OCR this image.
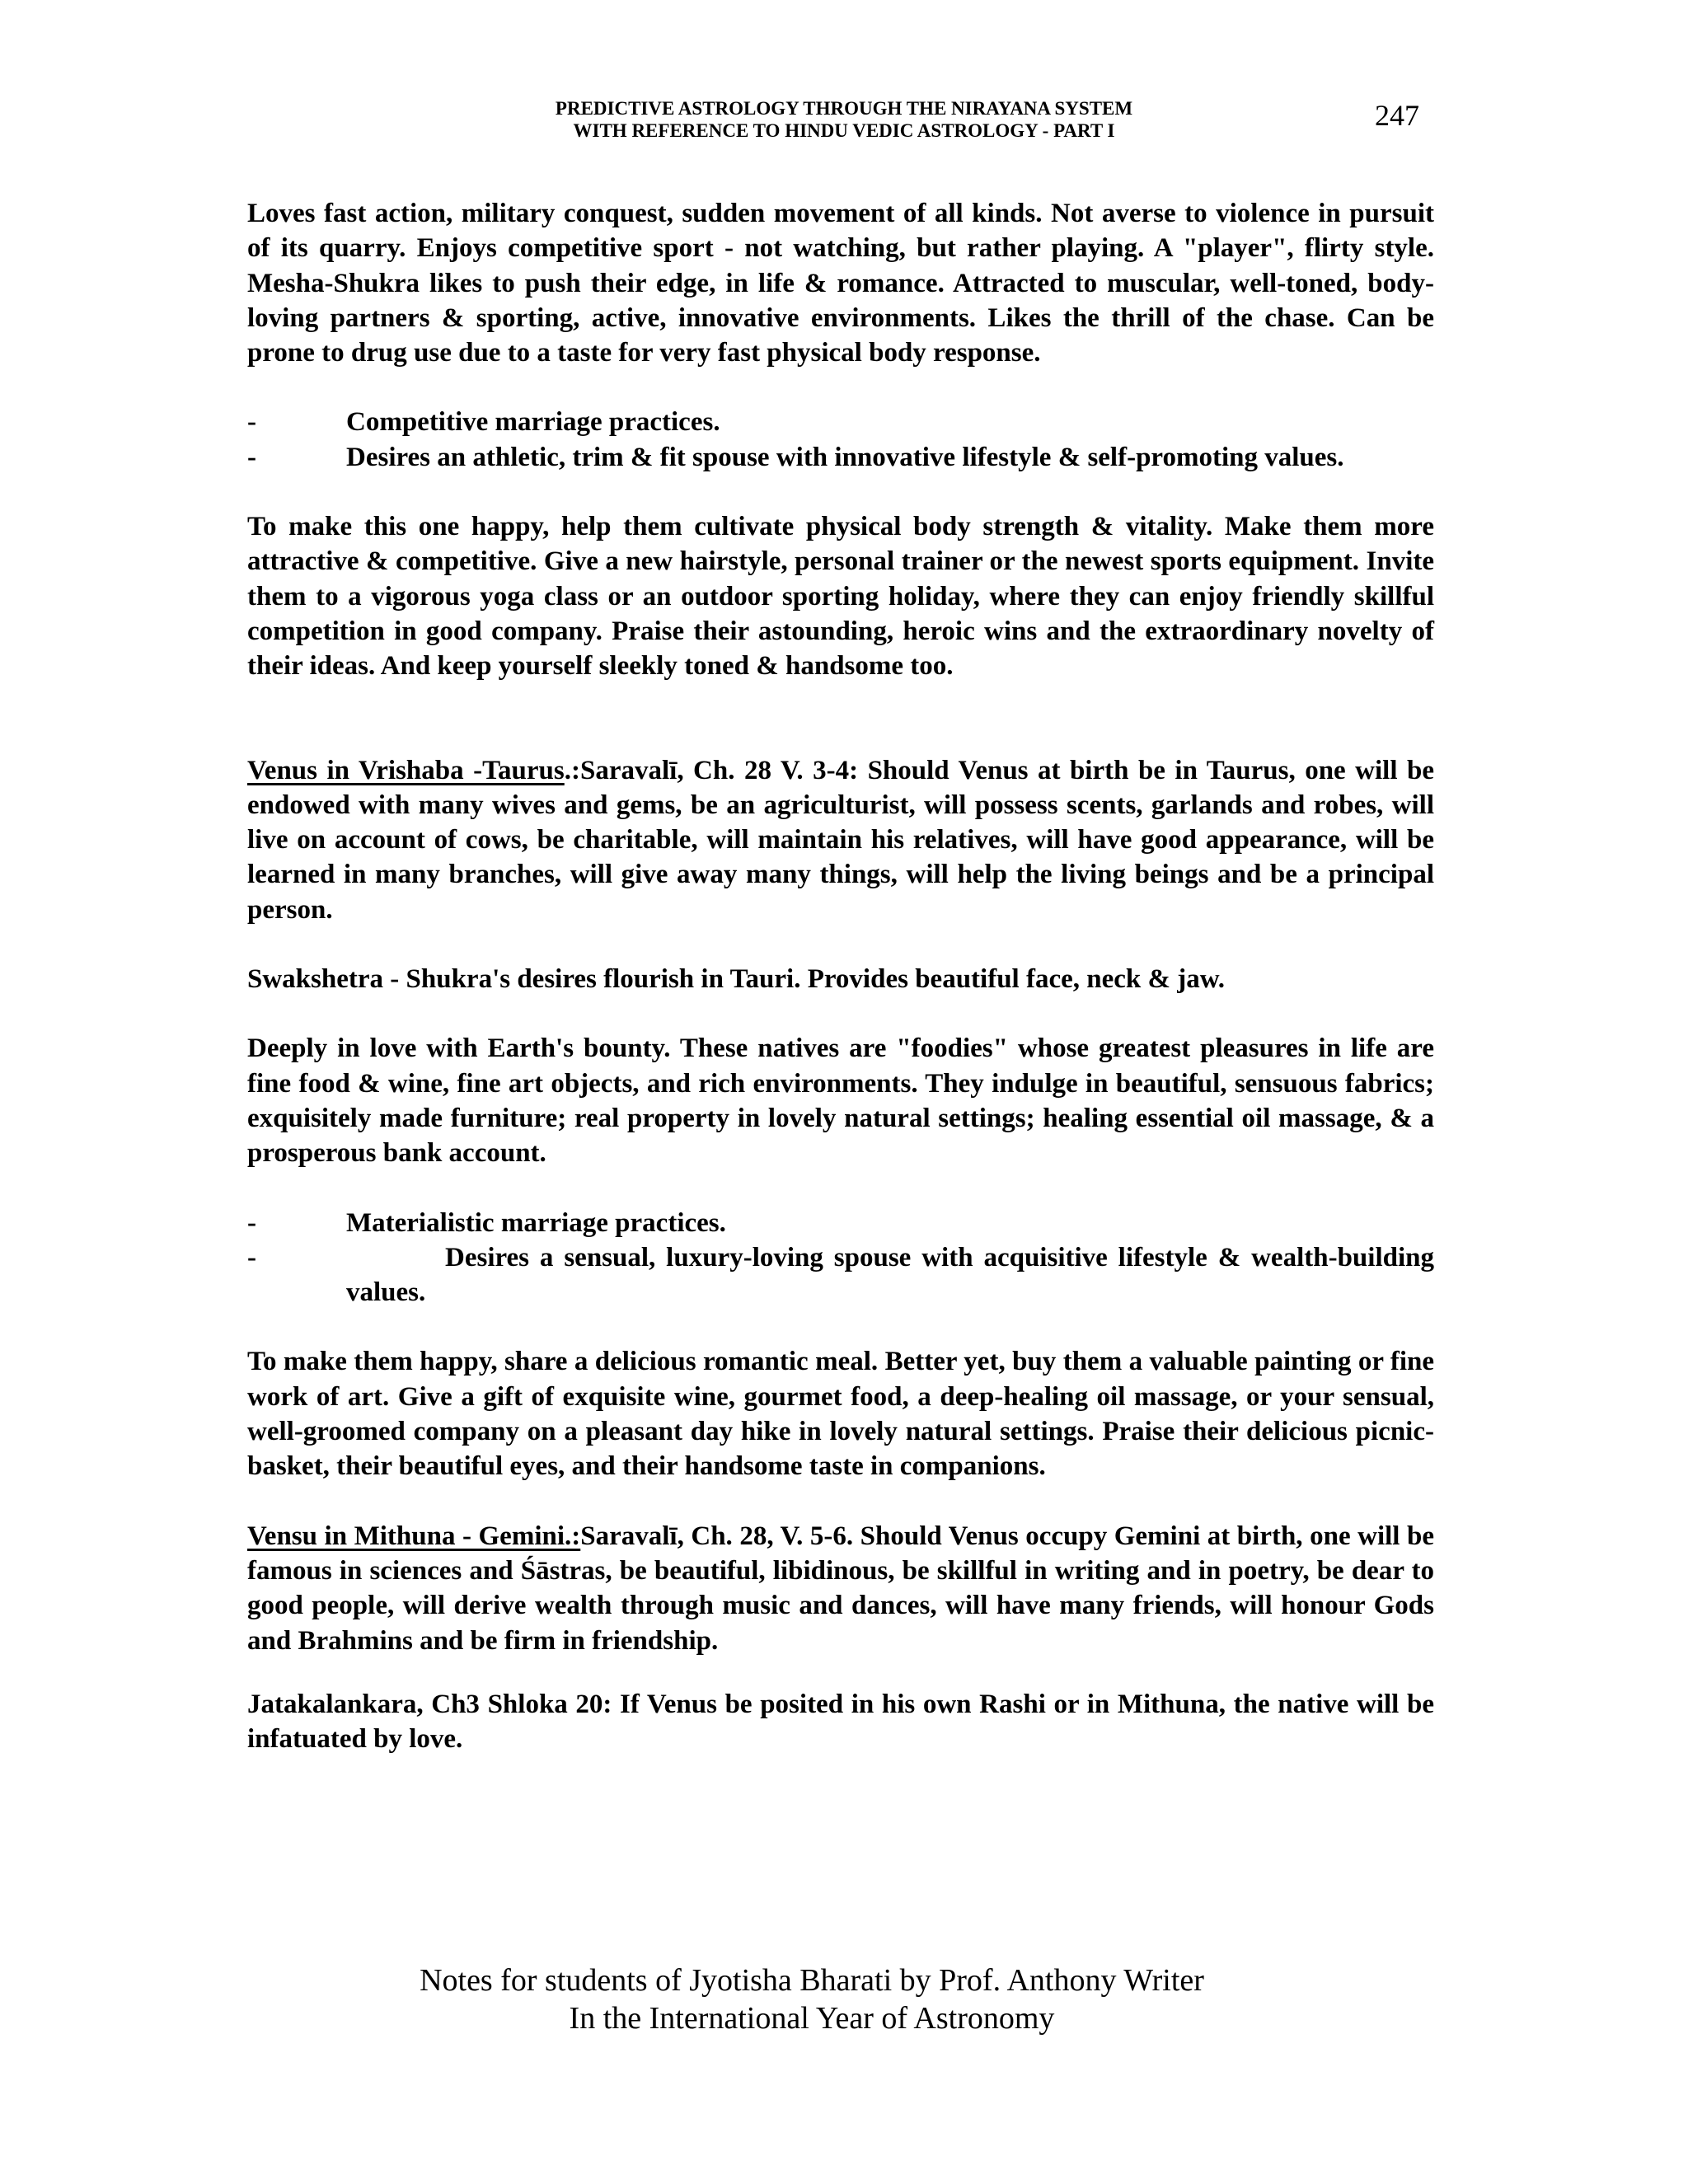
PREDICTIVE ASTROLOGY THROUGH THE NIRAYANA SYSTEM
WITH REFERENCE TO HINDU VEDIC ASTROLOGY - PART I	247

Loves fast action, military conquest, sudden movement of all kinds. Not averse to violence in pursuit of its quarry. Enjoys competitive sport - not watching, but rather playing. A "player", flirty style. Mesha-Shukra likes to push their edge, in life & romance. Attracted to muscular, well-toned, body-loving partners & sporting, active, innovative environments. Likes the thrill of the chase. Can be prone to drug use due to a taste for very fast physical body response.

-	Competitive marriage practices.
-	Desires an athletic, trim & fit spouse with innovative lifestyle & self-promoting values.

To make this one happy, help them cultivate physical body strength & vitality. Make them more attractive & competitive. Give a new hairstyle, personal trainer or the newest sports equipment. Invite them to a vigorous yoga class or an outdoor sporting holiday, where they can enjoy friendly skillful competition in good company. Praise their astounding, heroic wins and the extraordinary novelty of their ideas. And keep yourself sleekly toned & handsome too.

Venus in Vrishaba -Taurus.:Saravalī, Ch. 28 V. 3-4: Should Venus at birth be in Taurus, one will be endowed with many wives and gems, be an agriculturist, will possess scents, garlands and robes, will live on account of cows, be charitable, will maintain his relatives, will have good appearance, will be learned in many branches, will give away many things, will help the living beings and be a principal person.

Swakshetra - Shukra's desires flourish in Tauri. Provides beautiful face, neck & jaw.

Deeply in love with Earth's bounty. These natives are "foodies" whose greatest pleasures in life are fine food & wine, fine art objects, and rich environments. They indulge in beautiful, sensuous fabrics; exquisitely made furniture; real property in lovely natural settings; healing essential oil massage, & a prosperous bank account.

-	Materialistic marriage practices.
-	Desires a sensual, luxury-loving spouse with acquisitive lifestyle & wealth-building values.

To make them happy, share a delicious romantic meal. Better yet, buy them a valuable painting or fine work of art. Give a gift of exquisite wine, gourmet food, a deep-healing oil massage, or your sensual, well-groomed company on a pleasant day hike in lovely natural settings. Praise their delicious picnic-basket, their beautiful eyes, and their handsome taste in companions.

Vensu in Mithuna - Gemini.:Saravalī, Ch. 28, V. 5-6. Should Venus occupy Gemini at birth, one will be famous in sciences and Śāstras, be beautiful, libidinous, be skillful in writing and in poetry, be dear to good people, will derive wealth through music and dances, will have many friends, will honour Gods and Brahmins and be firm in friendship.

Jatakalankara, Ch3 Shloka 20: If Venus be posited in his own Rashi or in Mithuna, the native will be infatuated by love.

Notes for students of Jyotisha Bharati by Prof. Anthony Writer
In the International Year of Astronomy
